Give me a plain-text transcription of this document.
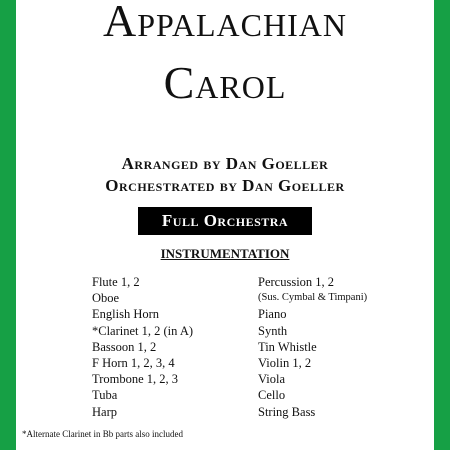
Appalachian
Carol
Arranged by Dan Goeller
Orchestrated by Dan Goeller
Full Orchestra
INSTRUMENTATION
Flute 1, 2
Oboe
English Horn
*Clarinet 1, 2 (in A)
Bassoon 1, 2
F Horn 1, 2, 3, 4
Trombone 1, 2, 3
Tuba
Harp
Percussion 1, 2
(Sus. Cymbal & Timpani)
Piano
Synth
Tin Whistle
Violin 1, 2
Viola
Cello
String Bass
*Alternate Clarinet in Bb parts also included
